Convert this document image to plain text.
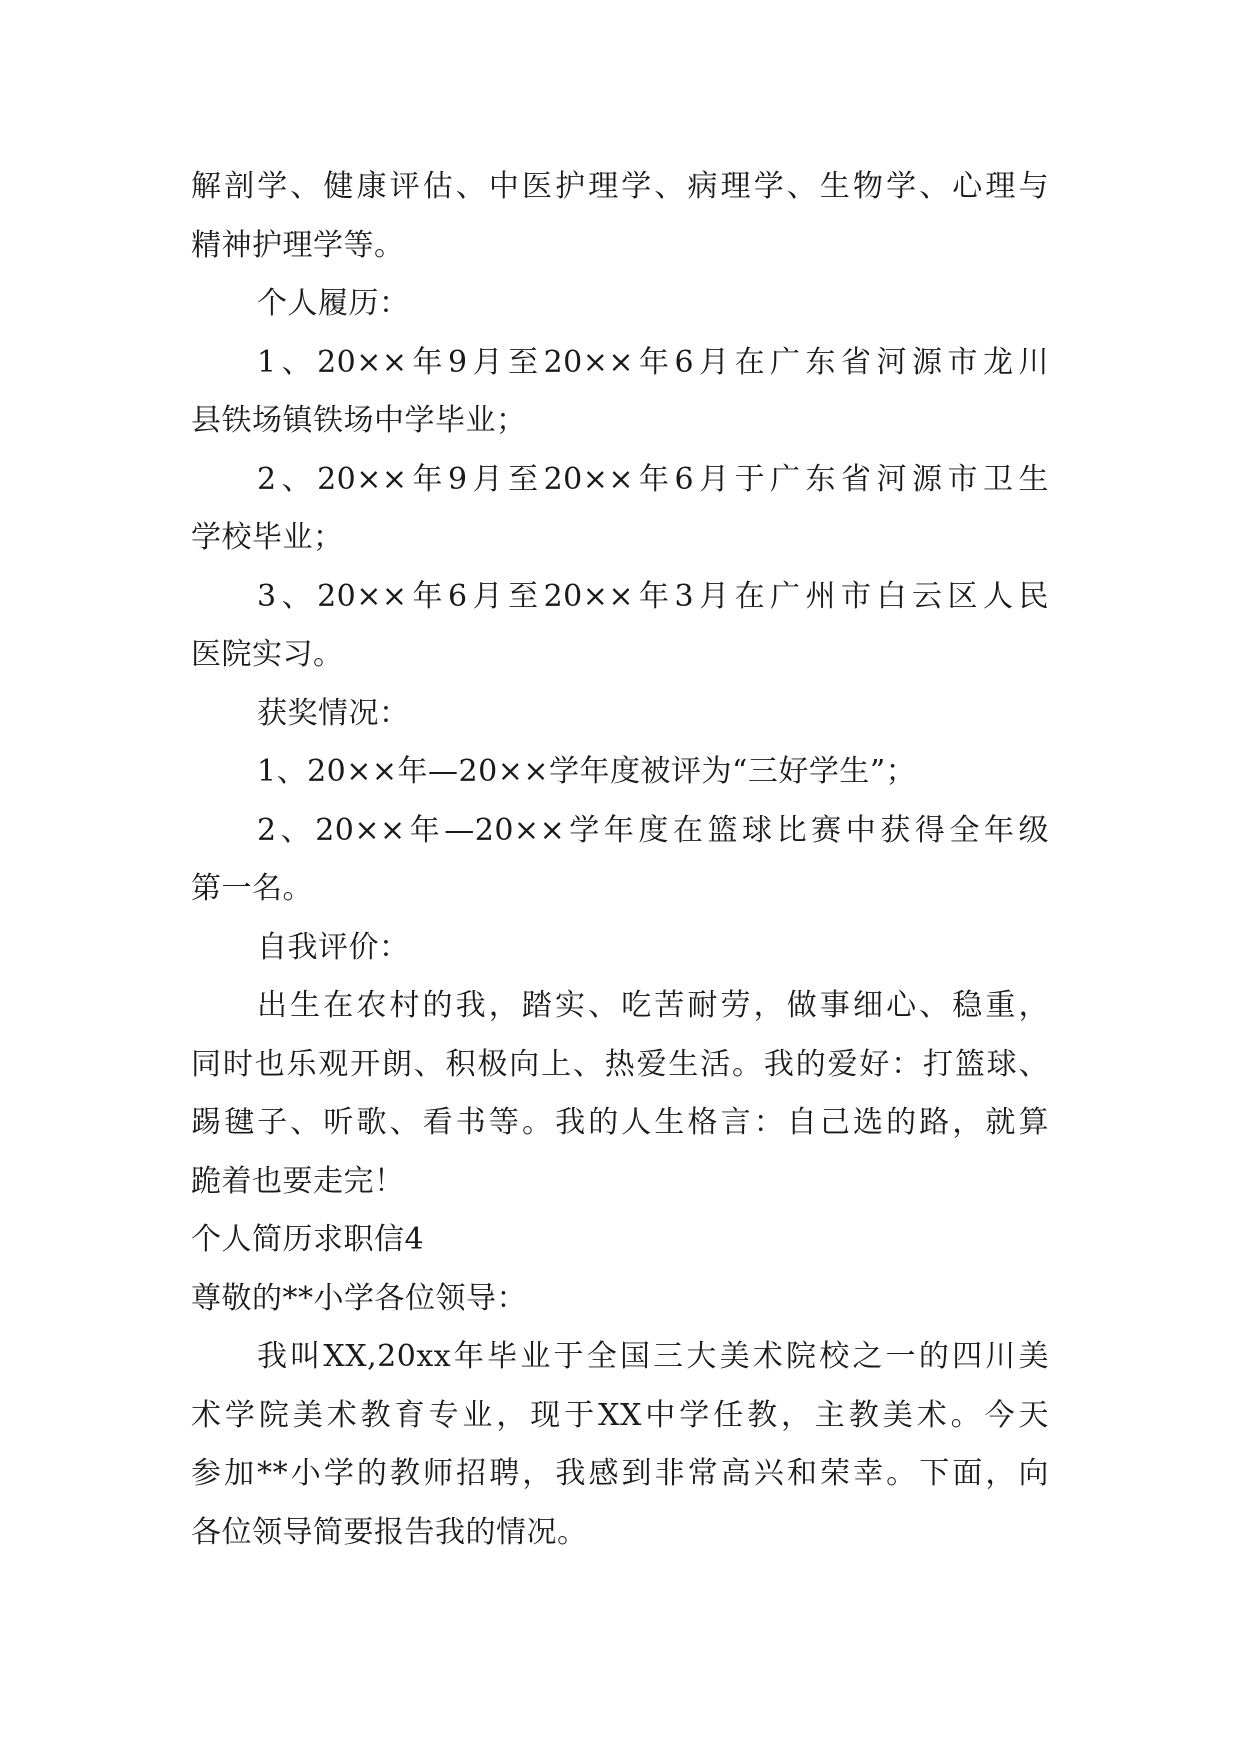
解剖学、健康评估、中医护理学、病理学、生物学、心理与
精神护理学等。
个人履历：
1、20××年9月至20××年6月在广东省河源市龙川
县铁场镇铁场中学毕业；
2、20××年9月至20××年6月于广东省河源市卫生
学校毕业；
3、20××年6月至20××年3月在广州市白云区人民
医院实习。
获奖情况：
1、20××年—20××学年度被评为“三好学生”；
2、20××年—20××学年度在篮球比赛中获得全年级
第一名。
自我评价：
出生在农村的我，踏实、吃苦耐劳，做事细心、稳重，
同时也乐观开朗、积极向上、热爱生活。我的爱好：打篮球、
踢毽子、听歌、看书等。我的人生格言：自己选的路，就算
跪着也要走完！
个人简历求职信4
尊敬的**小学各位领导：
我叫XX,20xx年毕业于全国三大美术院校之一的四川美
术学院美术教育专业，现于XX中学任教，主教美术。今天
参加**小学的教师招聘，我感到非常高兴和荣幸。下面，向
各位领导简要报告我的情况。
